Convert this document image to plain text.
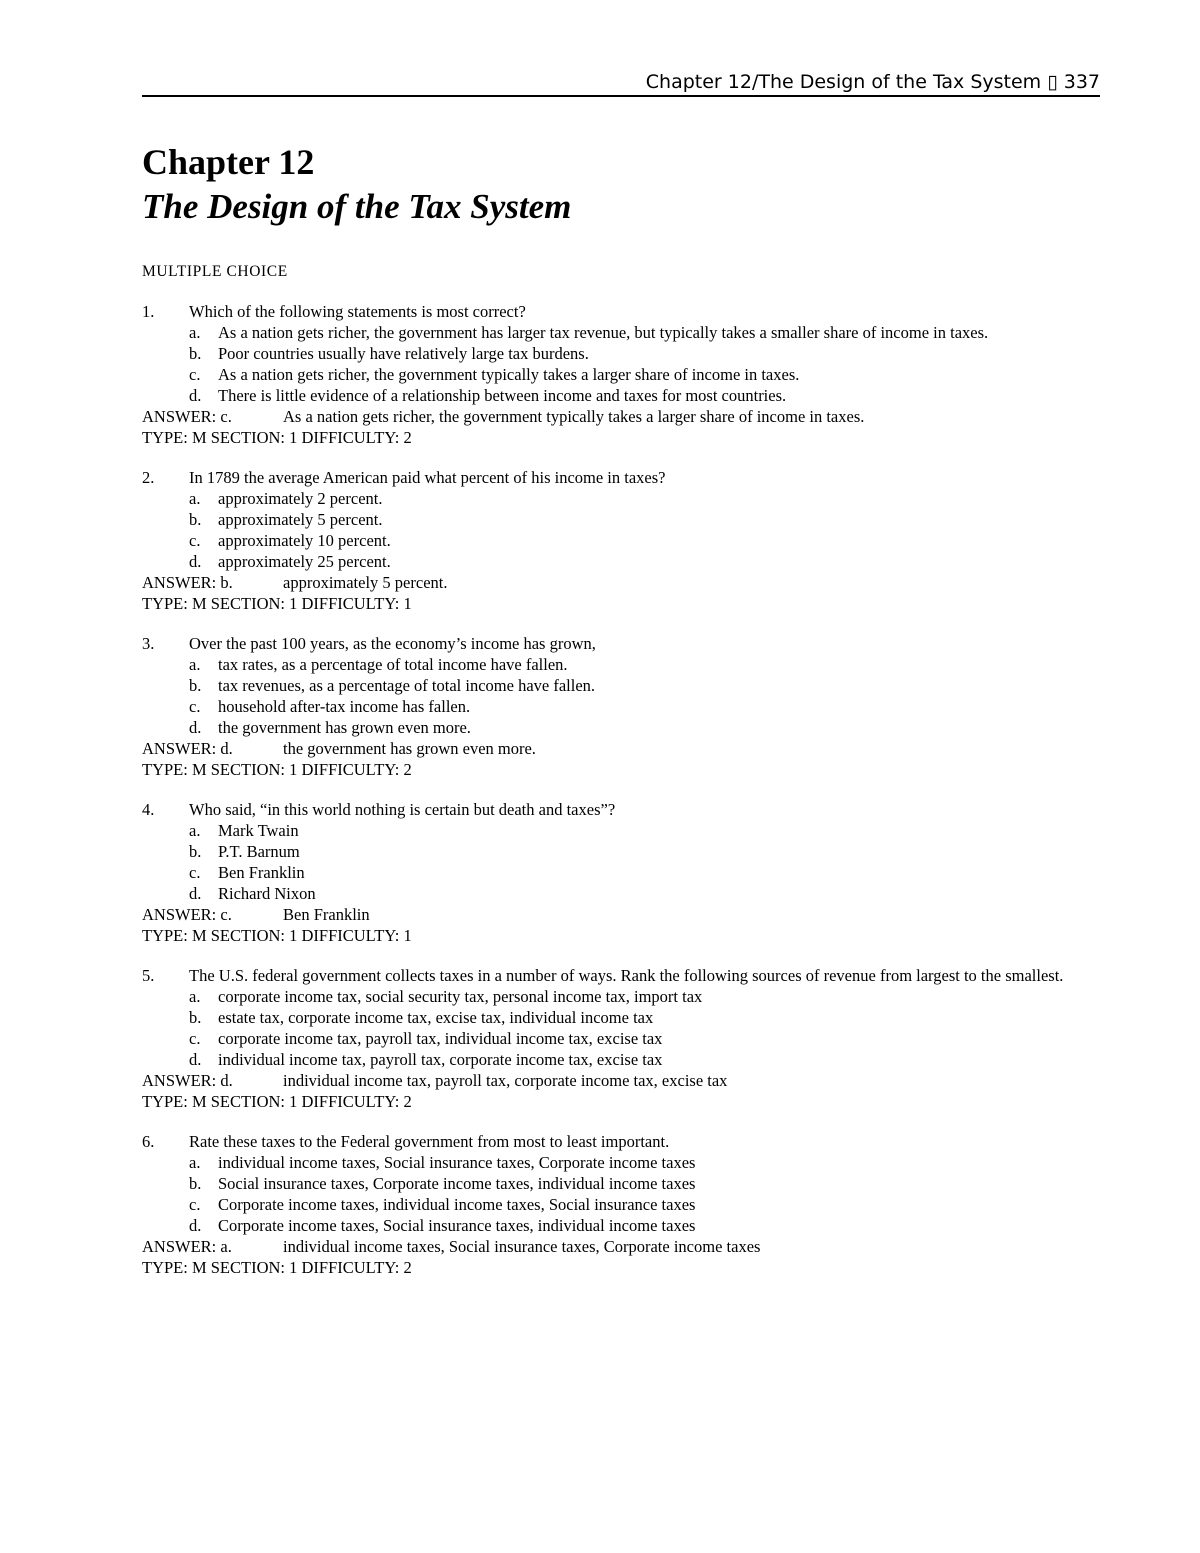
Chapter 12/The Design of the Tax System ▯ 337
Chapter 12
The Design of the Tax System
MULTIPLE CHOICE
1. Which of the following statements is most correct?
a. As a nation gets richer, the government has larger tax revenue, but typically takes a smaller share of income in taxes.
b. Poor countries usually have relatively large tax burdens.
c. As a nation gets richer, the government typically takes a larger share of income in taxes.
d. There is little evidence of a relationship between income and taxes for most countries.
ANSWER: c.	As a nation gets richer, the government typically takes a larger share of income in taxes.
TYPE: M SECTION: 1 DIFFICULTY: 2
2. In 1789 the average American paid what percent of his income in taxes?
a. approximately 2 percent.
b. approximately 5 percent.
c. approximately 10 percent.
d. approximately 25 percent.
ANSWER: b.	approximately 5 percent.
TYPE: M SECTION: 1 DIFFICULTY: 1
3. Over the past 100 years, as the economy’s income has grown,
a. tax rates, as a percentage of total income have fallen.
b. tax revenues, as a percentage of total income have fallen.
c. household after-tax income has fallen.
d. the government has grown even more.
ANSWER: d.	the government has grown even more.
TYPE: M SECTION: 1 DIFFICULTY: 2
4. Who said, “in this world nothing is certain but death and taxes”?
a. Mark Twain
b. P.T. Barnum
c. Ben Franklin
d. Richard Nixon
ANSWER: c.	Ben Franklin
TYPE: M SECTION: 1 DIFFICULTY: 1
5. The U.S. federal government collects taxes in a number of ways. Rank the following sources of revenue from largest to the smallest.
a. corporate income tax, social security tax, personal income tax, import tax
b. estate tax, corporate income tax, excise tax, individual income tax
c. corporate income tax, payroll tax, individual income tax, excise tax
d. individual income tax, payroll tax, corporate income tax, excise tax
ANSWER: d.	individual income tax, payroll tax, corporate income tax, excise tax
TYPE: M SECTION: 1 DIFFICULTY: 2
6. Rate these taxes to the Federal government from most to least important.
a. individual income taxes, Social insurance taxes, Corporate income taxes
b. Social insurance taxes, Corporate income taxes, individual income taxes
c. Corporate income taxes, individual income taxes, Social insurance taxes
d. Corporate income taxes, Social insurance taxes, individual income taxes
ANSWER: a.	individual income taxes, Social insurance taxes, Corporate income taxes
TYPE: M SECTION: 1 DIFFICULTY: 2
